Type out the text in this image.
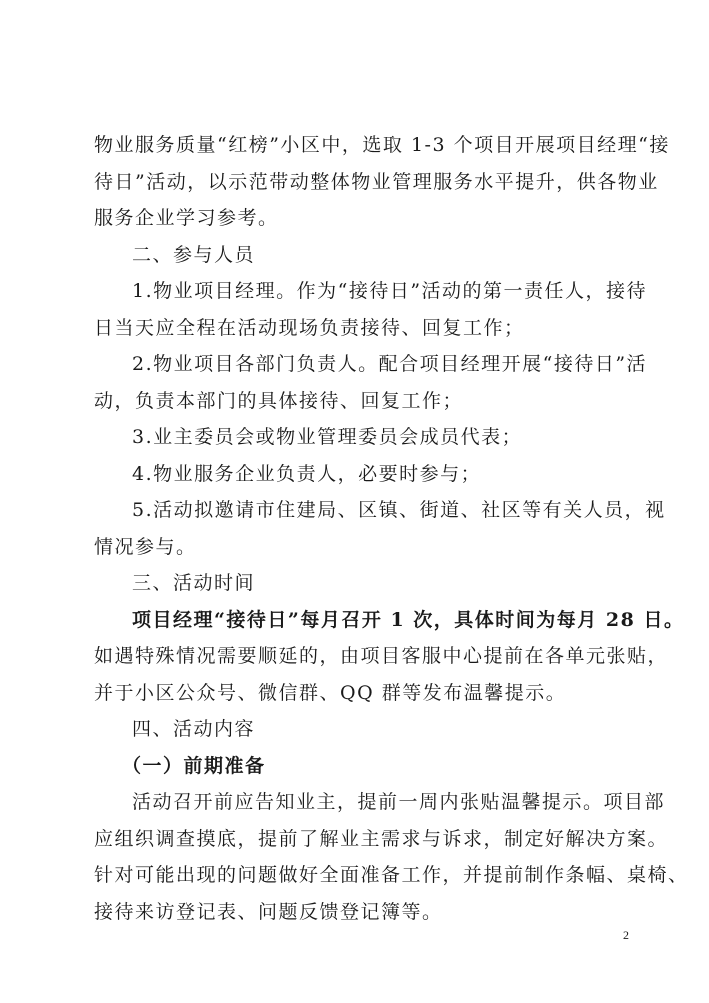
物业服务质量“红榜”小区中，选取 1-3 个项目开展项目经理“接
待日”活动，以示范带动整体物业管理服务水平提升，供各物业
服务企业学习参考。
二、参与人员
1.物业项目经理。作为“接待日”活动的第一责任人，接待
日当天应全程在活动现场负责接待、回复工作；
2.物业项目各部门负责人。配合项目经理开展“接待日”活
动，负责本部门的具体接待、回复工作；
3.业主委员会或物业管理委员会成员代表；
4.物业服务企业负责人，必要时参与；
5.活动拟邀请市住建局、区镇、街道、社区等有关人员，视
情况参与。
三、活动时间
项目经理“接待日”每月召开 1 次，具体时间为每月 28 日。
如遇特殊情况需要顺延的，由项目客服中心提前在各单元张贴，
并于小区公众号、微信群、QQ 群等发布温馨提示。
四、活动内容
（一）前期准备
活动召开前应告知业主，提前一周内张贴温馨提示。项目部
应组织调查摸底，提前了解业主需求与诉求，制定好解决方案。
针对可能出现的问题做好全面准备工作，并提前制作条幅、桌椅、
接待来访登记表、问题反馈登记簿等。
2
